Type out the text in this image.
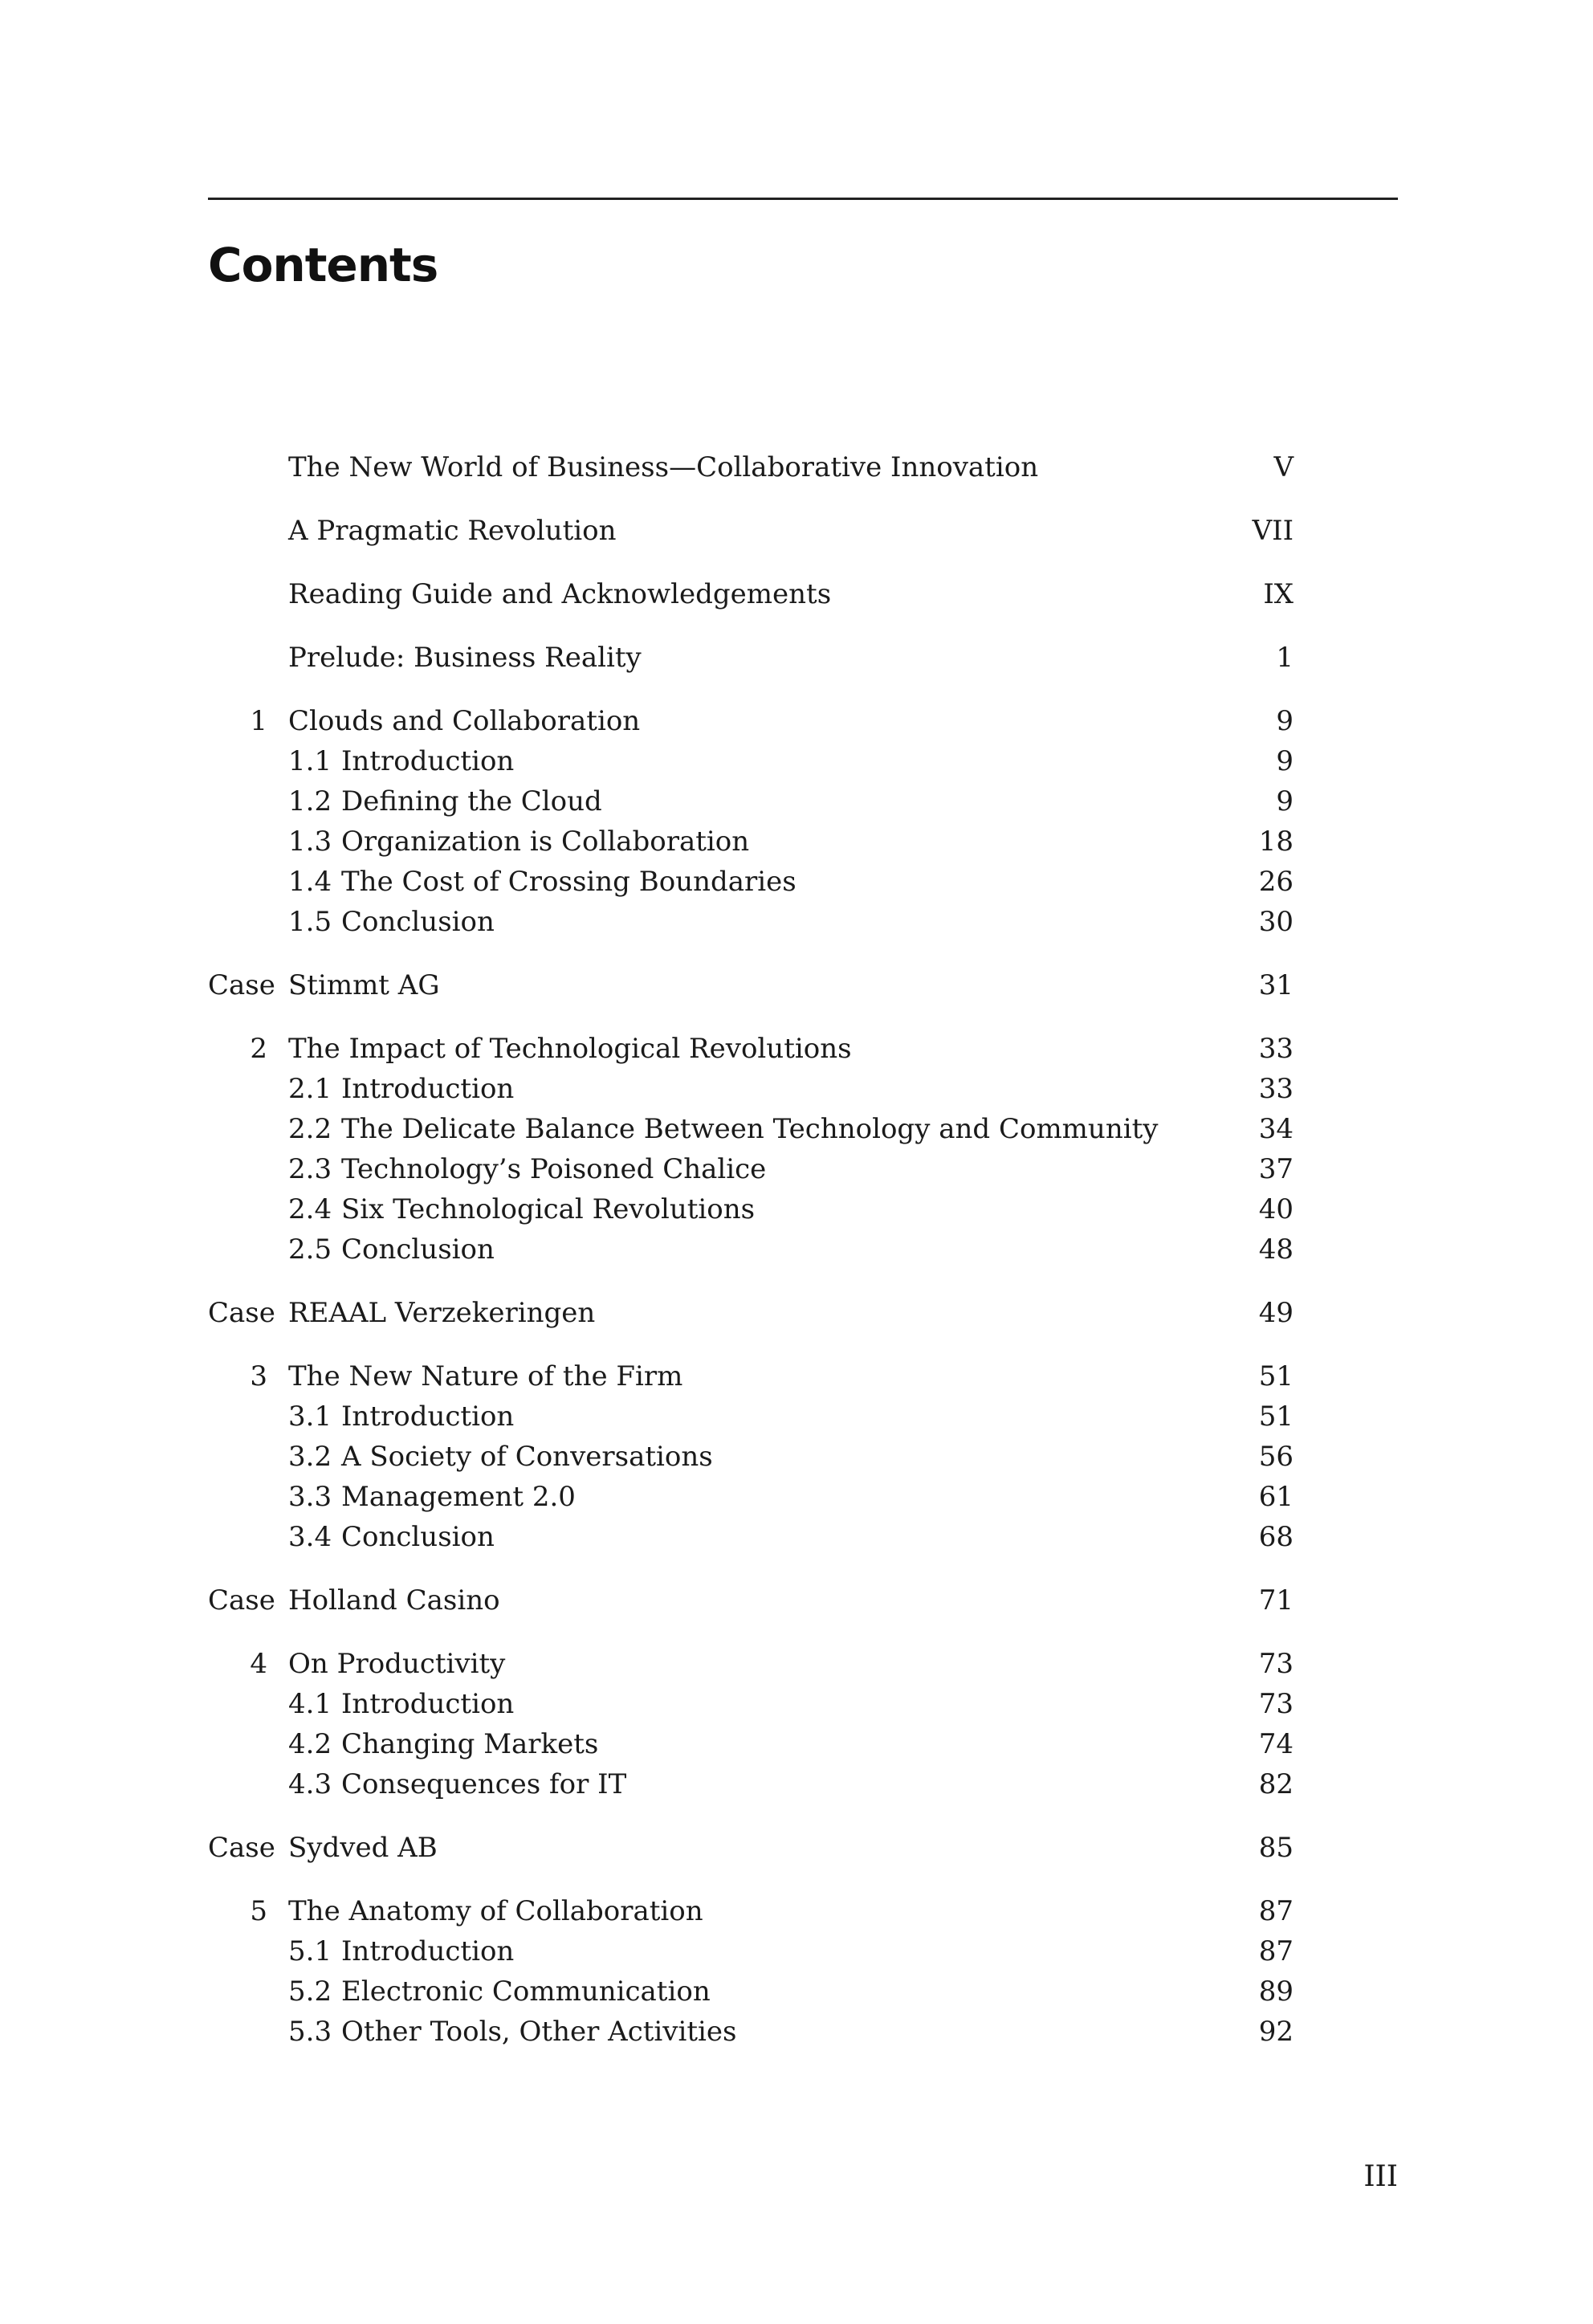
Contents
The New World of Business—Collaborative Innovation	V
A Pragmatic Revolution	VII
Reading Guide and Acknowledgements	IX
Prelude: Business Reality	1
1 Clouds and Collaboration	9
1.1 Introduction	9
1.2 Defining the Cloud	9
1.3 Organization is Collaboration	18
1.4 The Cost of Crossing Boundaries	26
1.5 Conclusion	30
Case Stimmt AG	31
2 The Impact of Technological Revolutions	33
2.1 Introduction	33
2.2 The Delicate Balance Between Technology and Community	34
2.3 Technology’s Poisoned Chalice	37
2.4 Six Technological Revolutions	40
2.5 Conclusion	48
Case REAAL Verzekeringen	49
3 The New Nature of the Firm	51
3.1 Introduction	51
3.2 A Society of Conversations	56
3.3 Management 2.0	61
3.4 Conclusion	68
Case Holland Casino	71
4 On Productivity	73
4.1 Introduction	73
4.2 Changing Markets	74
4.3 Consequences for IT	82
Case Sydved AB	85
5 The Anatomy of Collaboration	87
5.1 Introduction	87
5.2 Electronic Communication	89
5.3 Other Tools, Other Activities	92
III
